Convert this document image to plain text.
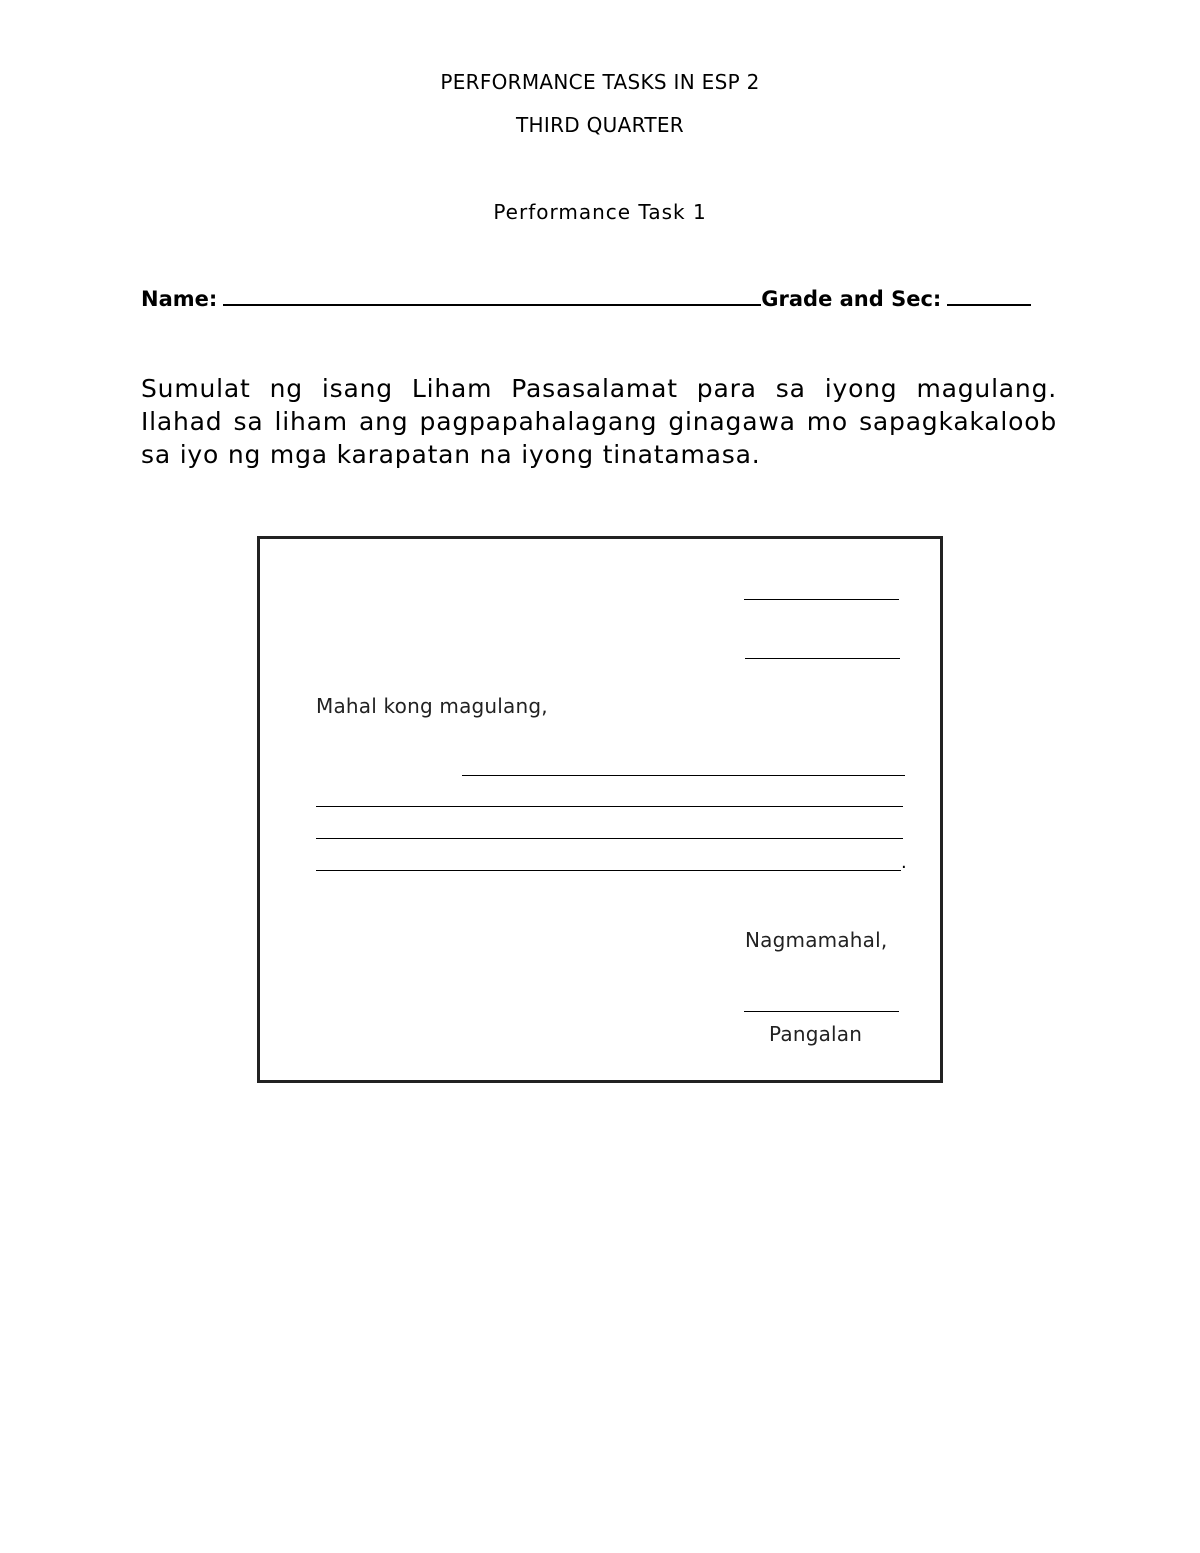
PERFORMANCE TASKS IN ESP 2
THIRD QUARTER
Performance Task 1
Name:	Grade and Sec:
Sumulat ng isang Liham Pasasalamat para sa iyong magulang. Ilahad sa liham ang pagpapahalagang ginagawa mo sapagkakaloob sa iyo ng mga karapatan na iyong tinatamasa.
Mahal kong magulang,
.
Nagmamahal,
Pangalan
